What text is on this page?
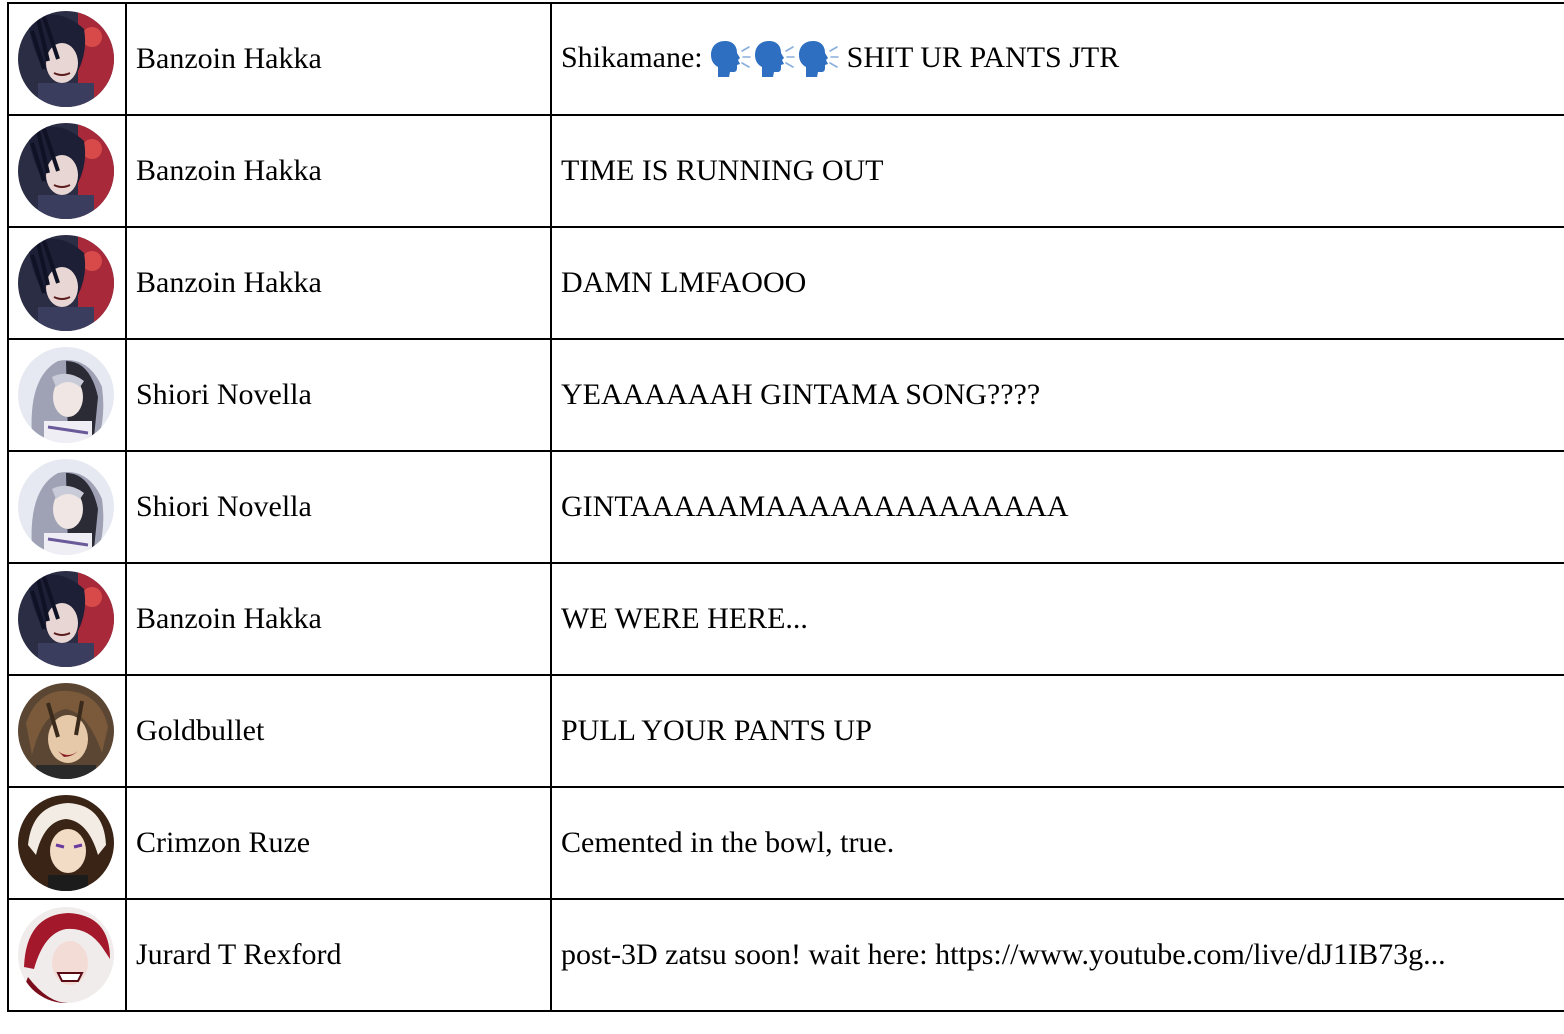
	Banzoin Hakka	Shikamane: SHIT UR PANTS JTR

	Banzoin Hakka	TIME IS RUNNING OUT

	Banzoin Hakka	DAMN LMFAOOO

	Shiori Novella	YEAAAAAAH GINTAMA SONG????

	Shiori Novella	GINTAAAAAMAAAAAAAAAAAAAA

	Banzoin Hakka	WE WERE HERE...

	Goldbullet	PULL YOUR PANTS UP

	Crimzon Ruze	Cemented in the bowl, true.

	Jurard T Rexford	post-3D zatsu soon! wait here: https://www.youtube.com/live/dJ1IB73g...
